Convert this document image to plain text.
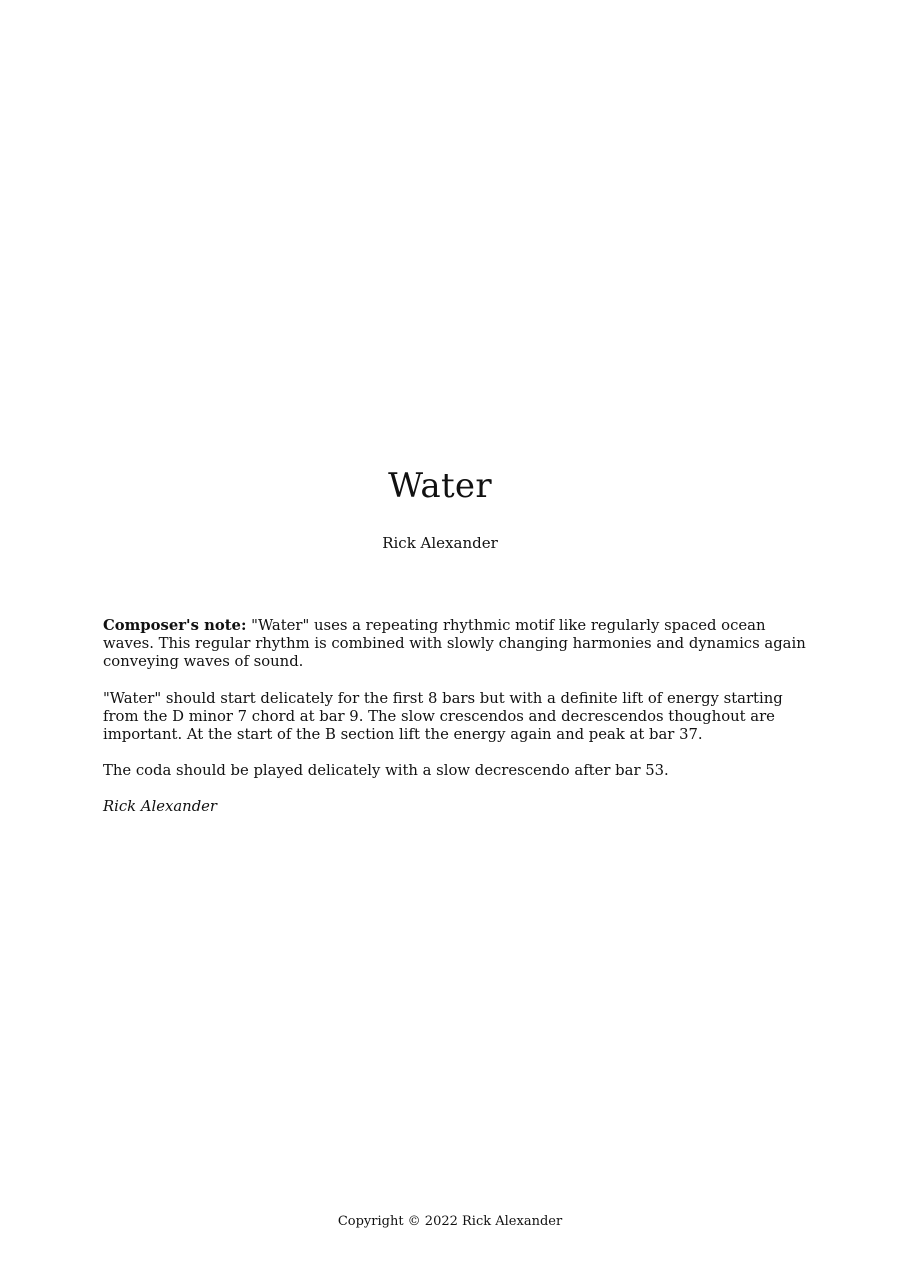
Water
Rick Alexander

Composer's note: "Water" uses a repeating rhythmic motif like regularly spaced ocean waves. This regular rhythm is combined with slowly changing harmonies and dynamics again conveying waves of sound.

"Water" should start delicately for the first 8 bars but with a definite lift of energy starting from the D minor 7 chord at bar 9. The slow crescendos and decrescendos thoughout are important. At the start of the B section lift the energy again and peak at bar 37.

The coda should be played delicately with a slow decrescendo after bar 53.

Rick Alexander

Copyright © 2022 Rick Alexander
